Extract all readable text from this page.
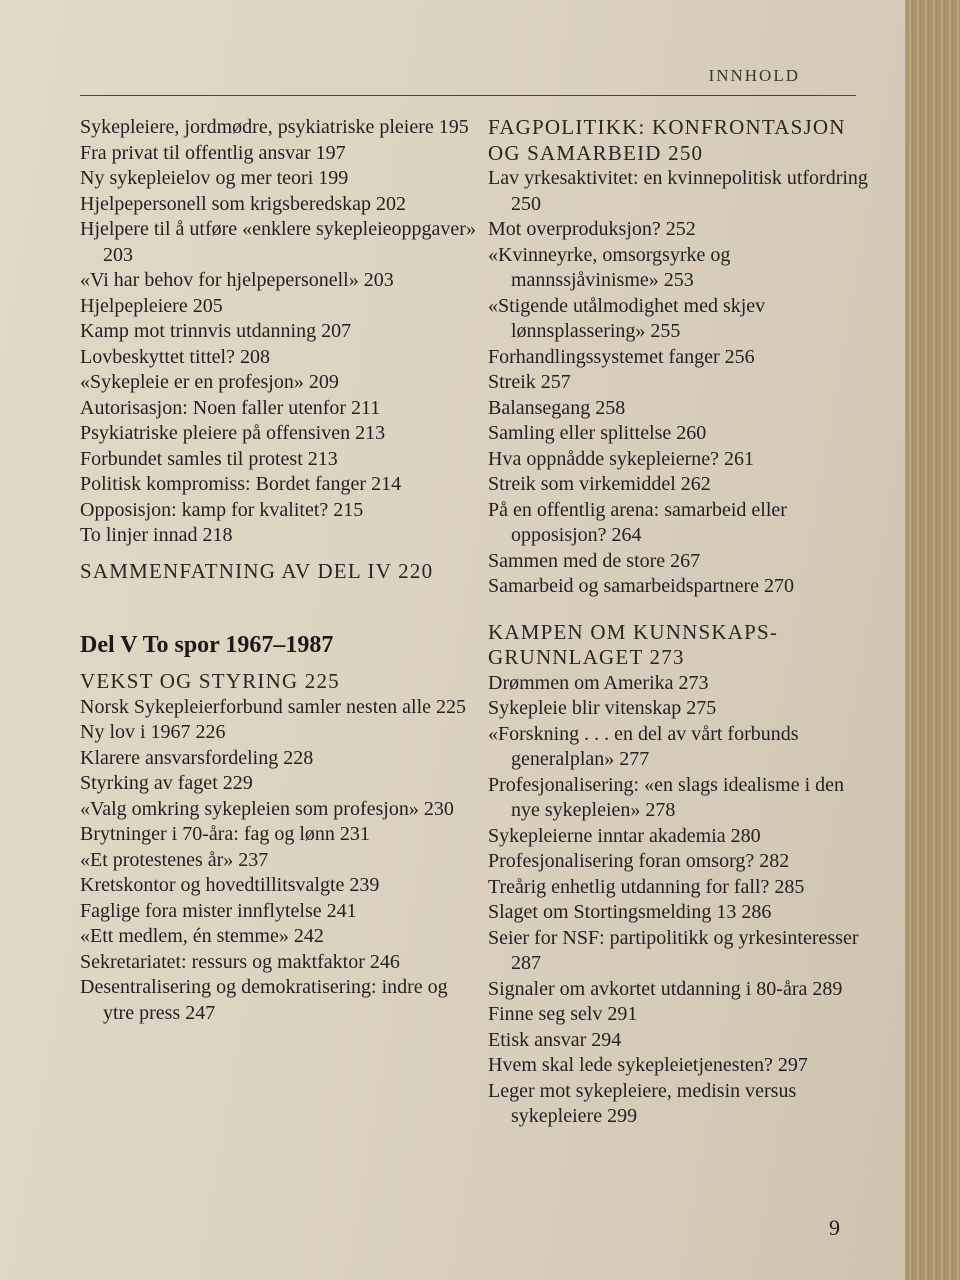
INNHOLD
Sykepleiere, jordmødre, psykiatriske pleiere 195
Fra privat til offentlig ansvar 197
Ny sykepleielov og mer teori 199
Hjelpepersonell som krigsberedskap 202
Hjelpere til å utføre «enklere sykepleieoppgaver» 203
«Vi har behov for hjelpepersonell» 203
Hjelpepleiere 205
Kamp mot trinnvis utdanning 207
Lovbeskyttet tittel? 208
«Sykepleie er en profesjon» 209
Autorisasjon: Noen faller utenfor 211
Psykiatriske pleiere på offensiven 213
Forbundet samles til protest 213
Politisk kompromiss: Bordet fanger 214
Opposisjon: kamp for kvalitet? 215
To linjer innad 218
SAMMENFATNING AV DEL IV 220
Del V To spor 1967–1987
VEKST OG STYRING 225
Norsk Sykepleierforbund samler nesten alle 225
Ny lov i 1967 226
Klarere ansvarsfordeling 228
Styrking av faget 229
«Valg omkring sykepleien som profesjon» 230
Brytninger i 70-åra: fag og lønn 231
«Et protestenes år» 237
Kretskontor og hovedtillitsvalgte 239
Faglige fora mister innflytelse 241
«Ett medlem, én stemme» 242
Sekretariatet: ressurs og maktfaktor 246
Desentralisering og demokratisering: indre og ytre press 247
FAGPOLITIKK: KONFRONTASJON OG SAMARBEID 250
Lav yrkesaktivitet: en kvinnepolitisk utfordring 250
Mot overproduksjon? 252
«Kvinneyrke, omsorgsyrke og mannssjåvinisme» 253
«Stigende utålmodighet med skjev lønnsplassering» 255
Forhandlingssystemet fanger 256
Streik 257
Balansegang 258
Samling eller splittelse 260
Hva oppnådde sykepleierne? 261
Streik som virkemiddel 262
På en offentlig arena: samarbeid eller opposisjon? 264
Sammen med de store 267
Samarbeid og samarbeidspartnere 270
KAMPEN OM KUNNSKAPS-GRUNNLAGET 273
Drømmen om Amerika 273
Sykepleie blir vitenskap 275
«Forskning . . . en del av vårt forbunds generalplan» 277
Profesjonalisering: «en slags idealisme i den nye sykepleien» 278
Sykepleierne inntar akademia 280
Profesjonalisering foran omsorg? 282
Treårig enhetlig utdanning for fall? 285
Slaget om Stortingsmelding 13 286
Seier for NSF: partipolitikk og yrkesinteresser 287
Signaler om avkortet utdanning i 80-åra 289
Finne seg selv 291
Etisk ansvar 294
Hvem skal lede sykepleietjenesten? 297
Leger mot sykepleiere, medisin versus sykepleiere 299
9
